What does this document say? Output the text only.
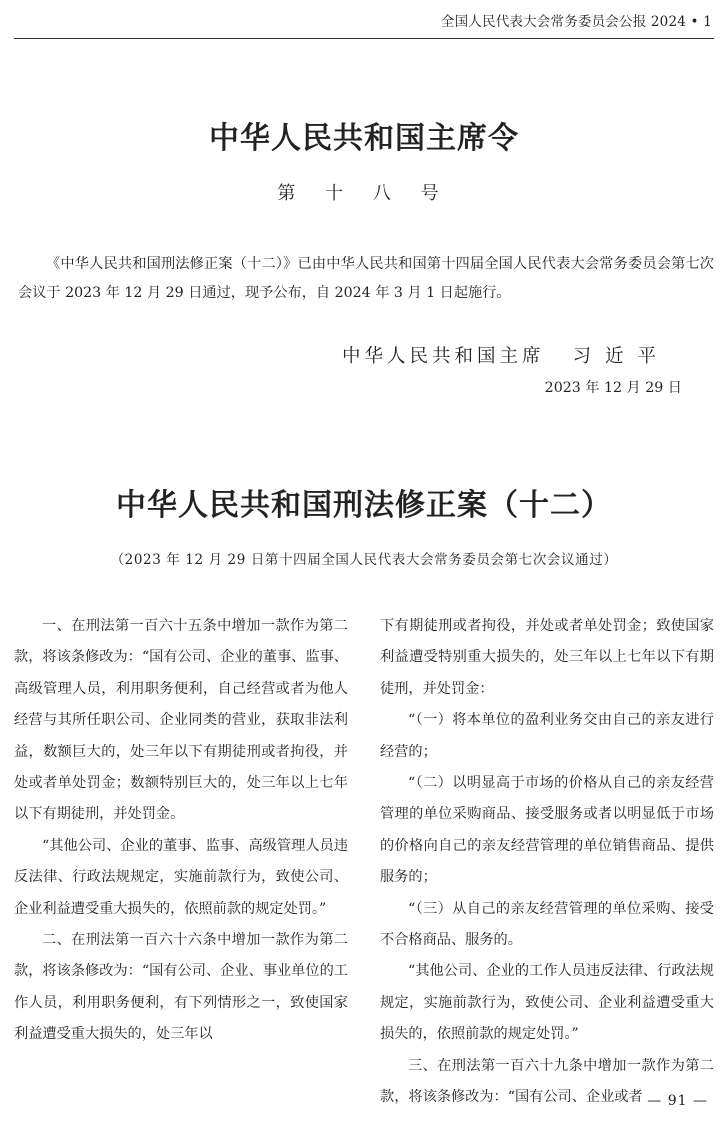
全国人民代表大会常务委员会公报 2024 • 1
中华人民共和国主席令
第 十 八 号
《中华人民共和国刑法修正案（十二）》已由中华人民共和国第十四届全国人民代表大会常务委员会第七次会议于 2023 年 12 月 29 日通过，现予公布，自 2024 年 3 月 1 日起施行。
中华人民共和国主席 习近平
2023 年 12 月 29 日
中华人民共和国刑法修正案（十二）
（2023 年 12 月 29 日第十四届全国人民代表大会常务委员会第七次会议通过）

一、在刑法第一百六十五条中增加一款作为第二款，将该条修改为：“国有公司、企业的董事、监事、高级管理人员，利用职务便利，自己经营或者为他人经营与其所任职公司、企业同类的营业，获取非法利益，数额巨大的，处三年以下有期徒刑或者拘役，并处或者单处罚金；数额特别巨大的，处三年以上七年以下有期徒刑，并处罚金。

“其他公司、企业的董事、监事、高级管理人员违反法律、行政法规规定，实施前款行为，致使公司、企业利益遭受重大损失的，依照前款的规定处罚。”

二、在刑法第一百六十六条中增加一款作为第二款，将该条修改为：“国有公司、企业、事业单位的工作人员，利用职务便利，有下列情形之一，致使国家利益遭受重大损失的，处三年以

下有期徒刑或者拘役，并处或者单处罚金；致使国家利益遭受特别重大损失的，处三年以上七年以下有期徒刑，并处罚金：

“（一）将本单位的盈利业务交由自己的亲友进行经营的；

“（二）以明显高于市场的价格从自己的亲友经营管理的单位采购商品、接受服务或者以明显低于市场的价格向自己的亲友经营管理的单位销售商品、提供服务的；

“（三）从自己的亲友经营管理的单位采购、接受不合格商品、服务的。

“其他公司、企业的工作人员违反法律、行政法规规定，实施前款行为，致使公司、企业利益遭受重大损失的，依照前款的规定处罚。”

三、在刑法第一百六十九条中增加一款作为第二款，将该条修改为：“国有公司、企业或者 — 91 —
